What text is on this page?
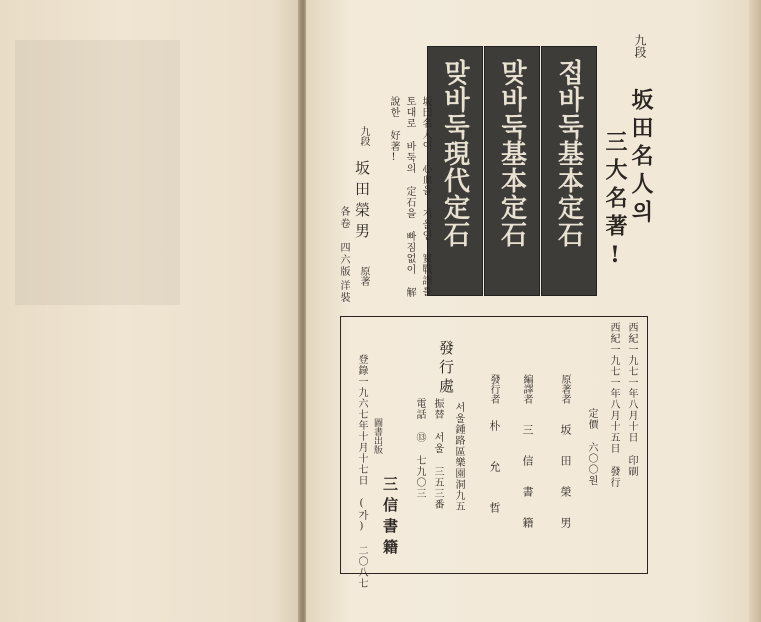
九段
坂田名人의
三大名著!
접바둑基本定石
맞바둑基本定石
맞바둑現代定石
坂田名人이 心血을 기울인 實戰譜를
토대로 바둑의 定石을 빠짐없이 解
說한 好著!
九段
坂田榮男
原著
各卷
四六版
洋裝
西紀一九七一年八月十日 印刷
西紀一九七一年八月十五日 發行
定價 六〇〇원
原著者
坂田榮男
編譯者
三信書籍
發行者
朴允哲
發行處
서울鍾路區樂園洞九五
振替 서울 三五三番
電話 ⑬ 七九〇三
圖書出版
三信書籍
登錄一九六七年十月十七日 (가) 二〇八七
